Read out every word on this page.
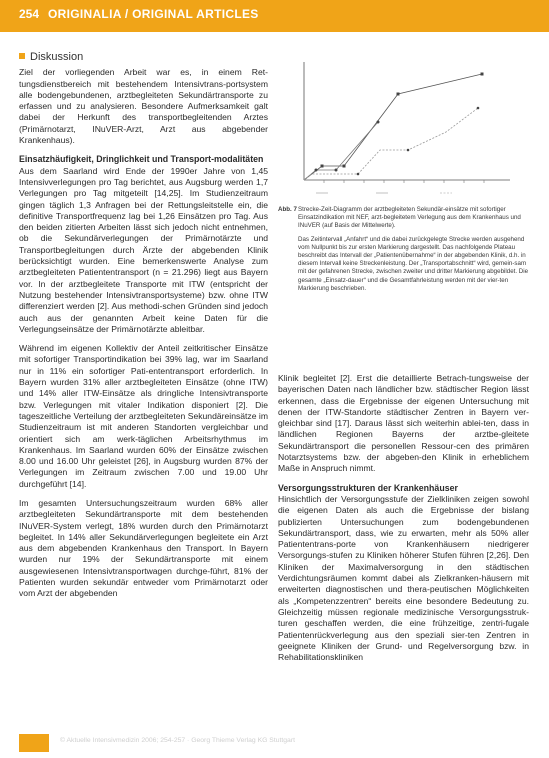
254 ORIGINALIA / ORIGINAL ARTICLES
Diskussion

Ziel der vorliegenden Arbeit war es, in einem Ret-tungsdienstbereich mit bestehendem Intensivtrans-portsystem alle bodengebundenen, arztbegleiteten Sekundärtransporte zu erfassen und zu analysieren. Besondere Aufmerksamkeit galt dabei der Herkunft des transportbegleitenden Arztes (Primärnotarzt, INuVER-Arzt, Arzt aus abgebender Krankenhaus).

Einsatzhäufigkeit, Dringlichkeit und Transport-modalitäten

Aus dem Saarland wird Ende der 1990er Jahre von 1,45 Intensivverlegungen pro Tag berichtet, aus Augsburg werden 1,7 Verlegungen pro Tag mitgeteilt [14,25]. Im Studienzeitraum gingen täglich 1,3 Anfragen bei der Rettungsleitstelle ein, die definitive Transportfrequenz lag bei 1,26 Einsätzen pro Tag. Aus den beiden zitierten Arbeiten lässt sich jedoch nicht entnehmen, ob die Sekundärverlegungen der Primärnotärzte und Transportbegleitungen durch Ärzte der abgebenden Klinik berücksichtigt wurden. Eine bemerkenswerte Analyse zum arztbegleiteten Patiententransport (n = 21.296) liegt aus Bayern vor. In der arztbegleitete Transporte mit ITW (entspricht der Nutzung bestehender Intensivtransportsysteme) bzw. ohne ITW differenziert werden [2]. Aus methodi-schen Gründen sind jedoch auch aus der genannten Arbeit keine Daten für die Verlegungseinsätze der Primärnotärzte ableitbar.

Während im eigenen Kollektiv der Anteil zeitkritischer Einsätze mit sofortiger Transportindikation bei 39% lag, war im Saarland nur in 11% ein sofortiger Pati-ententransport erforderlich. In Bayern wurden 31% aller arztbegleiteten Einsätze (ohne ITW) und 14% aller ITW-Einsätze als dringliche Intensivtransporte bzw. Verlegungen mit vitaler Indikation disponiert [2]. Die tageszeitliche Verteilung der arztbegleiteten Sekundäreinsätze im Studienzeitraum ist mit anderen Standorten vergleichbar und orientiert sich am werk-täglichen Arbeitsrhythmus im Krankenhaus. Im Saarland wurden 60% der Einsätze zwischen 8.00 und 16.00 Uhr geleistet [26], in Augsburg wurden 87% der Verlegungen im Zeitraum zwischen 7.00 und 19.00 Uhr durchgeführt [14].

Im gesamten Untersuchungszeitraum wurden 68% aller arztbegleiteten Sekundärtransporte mit dem bestehenden INuVER-System verlegt, 18% wurden durch den Primärnotarzt begleitet. In 14% aller Sekundärverlegungen begleitete ein Arzt aus dem abgebenden Krankenhaus den Transport. In Bayern wurden nur 19% der Sekundärtransporte mit einem ausgewiesenen Intensivtransportwagen durchge-führt, 81% der Patienten wurden sekundär entweder vom Primärnotarzt oder vom Arzt der abgebenden

Abb. 7 Strecke-Zeit-Diagramm der arztbegleiteten Sekundär-einsätze mit sofortiger Einsatzindikation mit NEF, arzt-begleitetem Verlegung aus dem Krankenhaus und INuVER (auf Basis der Mittelwerte).

Das Zeitintervall „Anfahrt“ und die dabei zurückgelegte Strecke werden ausgehend vom Nullpunkt bis zur ersten Markierung dargestellt. Das nachfolgende Plateau beschreibt das Intervall der „Patientenübernahme“ in der abgebenden Klinik, d.h. in diesem Intervall keine Streckenleistung. Der „Transportabschnitt“ wird, gemein-sam mit der gefahrenen Strecke, zwischen zweiter und dritter Markierung abgebildet. Die gesamte „Einsatz-dauer“ und die Gesamtfahrleistung werden mit der vier-ten Markierung beschrieben.

Klinik begleitet [2]. Erst die detaillierte Betrach-tungsweise der bayerischen Daten nach ländlicher bzw. städtischer Region lässt erkennen, dass die Ergebnisse der eigenen Untersuchung mit denen der ITW-Standorte städtischer Zentren in Bayern ver-gleichbar sind [17]. Daraus lässt sich weiterhin ablei-ten, dass in ländlichen Regionen Bayerns der arztbe-gleitete Sekundärtransport die personellen Ressour-cen des primären Notarztsystems bzw. der abgeben-den Klinik in erheblichem Maße in Anspruch nimmt.

Versorgungsstrukturen der Krankenhäuser

Hinsichtlich der Versorgungsstufe der Zielkliniken zeigen sowohl die eigenen Daten als auch die Ergebnisse der bislang publizierten Untersuchungen zum bodengebundenen Sekundärtransport, dass, wie zu erwarten, mehr als 50% aller Patiententrans-porte von Krankenhäusern niedrigerer Versorgungs-stufen zu Kliniken höherer Stufen führen [2,26]. Den Kliniken der Maximalversorgung in den städtischen Verdichtungsräumen kommt dabei als Zielkranken-häusern mit erweiterten diagnostischen und thera-peutischen Möglichkeiten als „Kompetenzzentren“ bereits eine besondere Bedeutung zu. Gleichzeitig müssen regionale medizinische Versorgungsstruk-turen geschaffen werden, die eine frühzeitige, zentri-fugale Patientenrückverlegung aus den speziali sier-ten Zentren in geeignete Kliniken der Grund- und Regelversorgung bzw. in Rehabilitationskliniken

© Aktuelle Intensivmedizin 2006; 254-257 · Georg Thieme Verlag KG Stuttgart
